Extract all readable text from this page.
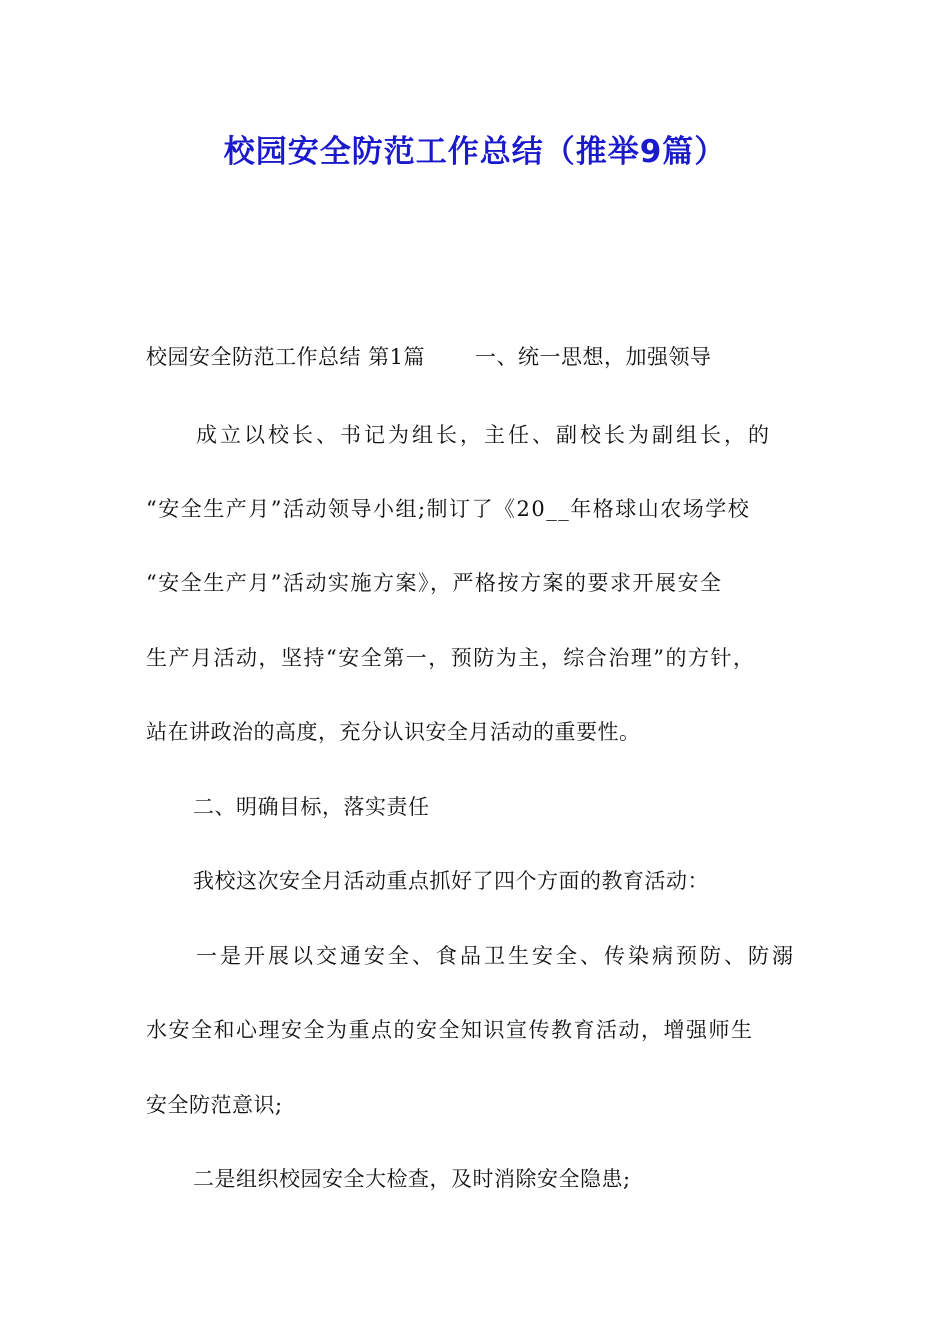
校园安全防范工作总结（推举9篇）
校园安全防范工作总结 第1篇 一、统一思想，加强领导
成立以校长、书记为组长，主任、副校长为副组长，的
“安全生产月”活动领导小组;制订了《20__年格球山农场学校
“安全生产月”活动实施方案》，严格按方案的要求开展安全
生产月活动，坚持“安全第一，预防为主，综合治理”的方针，
站在讲政治的高度，充分认识安全月活动的重要性。
二、明确目标，落实责任
我校这次安全月活动重点抓好了四个方面的教育活动：
一是开展以交通安全、食品卫生安全、传染病预防、防溺
水安全和心理安全为重点的安全知识宣传教育活动，增强师生
安全防范意识;
二是组织校园安全大检查，及时消除安全隐患;
